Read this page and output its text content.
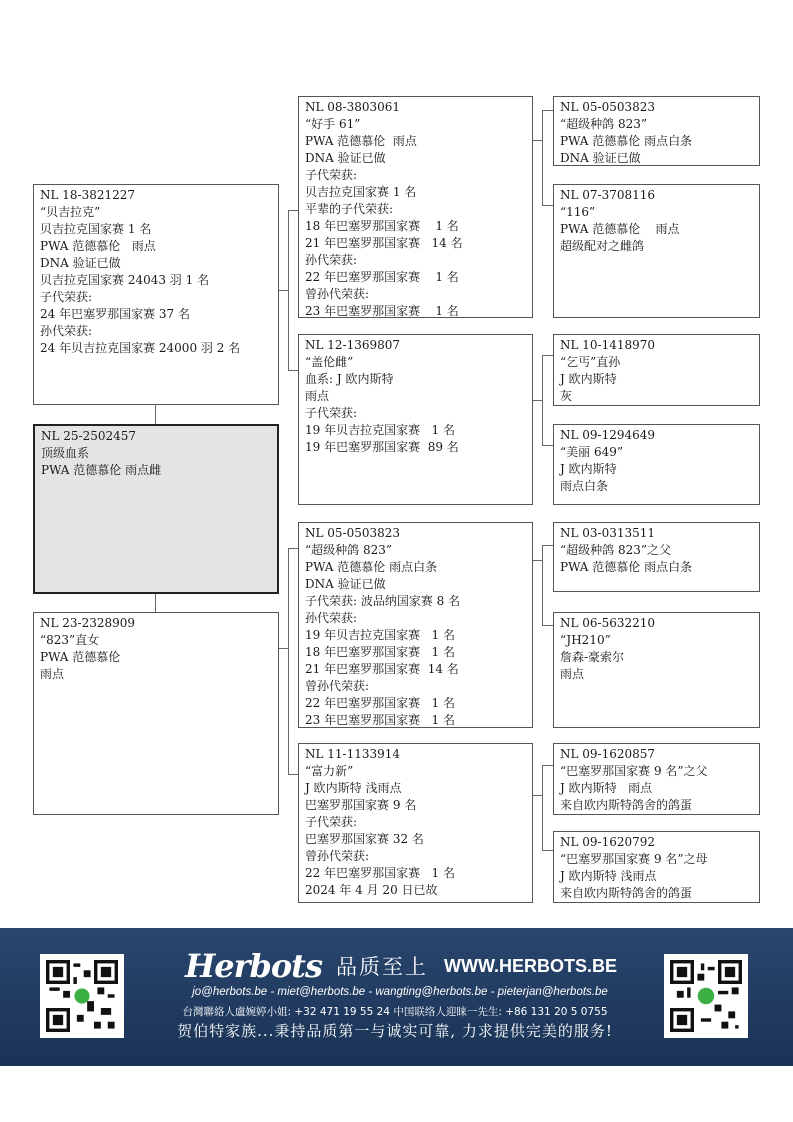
NL 18-3821227
“贝吉拉克”
贝吉拉克国家赛 1 名
PWA 范德慕伦   雨点
DNA 验证已做
贝吉拉克国家赛 24043 羽 1 名
子代荣获:
24 年巴塞罗那国家赛 37 名
孙代荣获:
24 年贝吉拉克国家赛 24000 羽 2 名
NL 25-2502457
顶级血系
PWA 范德慕伦 雨点雌
NL 23-2328909
“823”直女
PWA 范德慕伦
雨点
NL 08-3803061
“好手 61”
PWA 范德慕伦  雨点
DNA 验证已做
子代荣获:
贝吉拉克国家赛 1 名
平辈的子代荣获:
18 年巴塞罗那国家赛    1 名
21 年巴塞罗那国家赛   14 名
孙代荣获:
22 年巴塞罗那国家赛    1 名
曾孙代荣获:
23 年巴塞罗那国家赛    1 名
NL 12-1369807
“盖伦雌”
血系: J 欧内斯特
雨点
子代荣获:
19 年贝吉拉克国家赛   1 名
19 年巴塞罗那国家赛  89 名
NL 05-0503823
“超级种鸽 823”
PWA 范德慕伦 雨点白条
DNA 验证已做
子代荣获: 波品纳国家赛 8 名
孙代荣获:
19 年贝吉拉克国家赛   1 名
18 年巴塞罗那国家赛   1 名
21 年巴塞罗那国家赛  14 名
曾孙代荣获:
22 年巴塞罗那国家赛   1 名
23 年巴塞罗那国家赛   1 名
NL 11-1133914
“富力新”
J 欧内斯特 浅雨点
巴塞罗那国家赛 9 名
子代荣获:
巴塞罗那国家赛 32 名
曾孙代荣获:
22 年巴塞罗那国家赛   1 名
2024 年 4 月 20 日已故
NL 05-0503823
“超级种鸽 823”
PWA 范德慕伦 雨点白条
DNA 验证已做
NL 07-3708116
“116”
PWA 范德慕伦    雨点
超级配对之雌鸽
NL 10-1418970
“乞丐”直孙
J 欧内斯特
灰
NL 09-1294649
“美丽 649”
J 欧内斯特
雨点白条
NL 03-0313511
“超级种鸽 823”之父
PWA 范德慕伦 雨点白条
NL 06-5632210
“JH210”
詹森-豪索尔
雨点
NL 09-1620857
“巴塞罗那国家赛 9 名”之父
J 欧内斯特   雨点
来自欧内斯特鸽舍的鸽蛋
NL 09-1620792
“巴塞罗那国家赛 9 名”之母
J 欧内斯特 浅雨点
来自欧内斯特鸽舍的鸽蛋
Herbots 品质至上 WWW.HERBOTS.BE
jo@herbots.be - miet@herbots.be - wangting@herbots.be - pieterjan@herbots.be
台灣聯絡人盧婉婷小姐: +32 471 19 55 24 中国联络人迎睐一先生: +86 131 20 5 0755
贺伯特家族...秉持品质第一与诚实可靠, 力求提供完美的服务!
